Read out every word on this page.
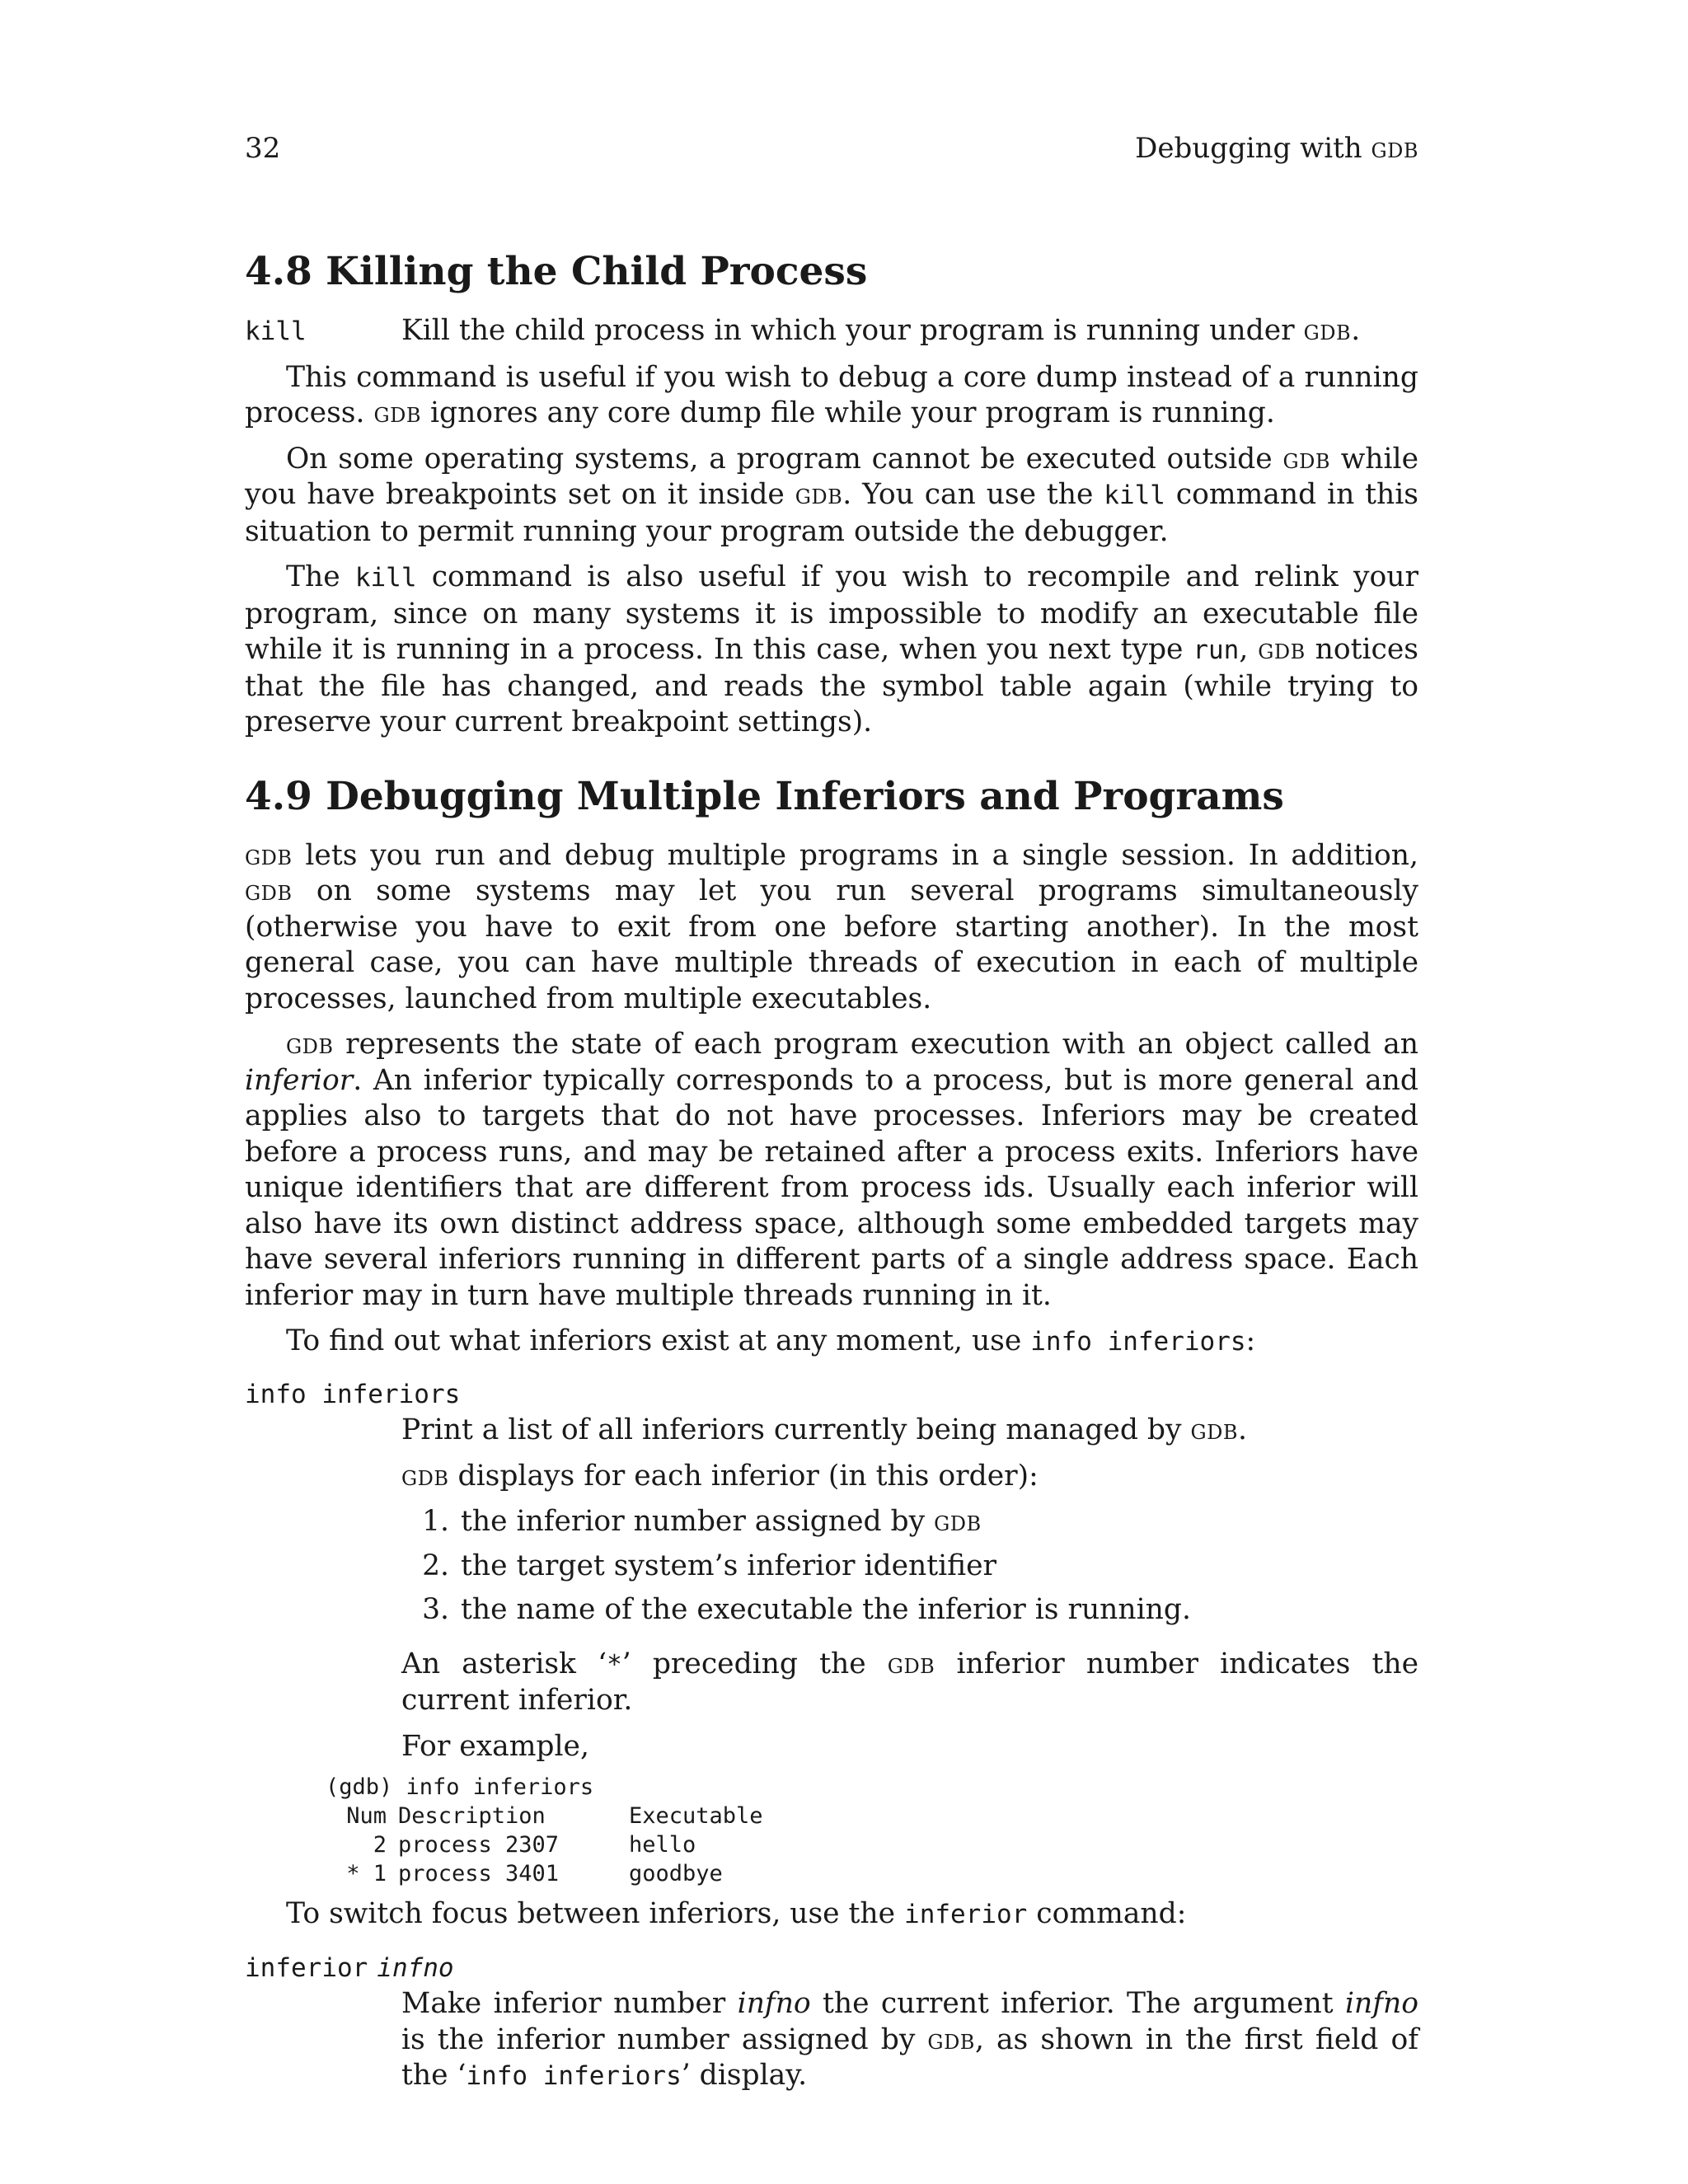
32	Debugging with gdb
4.8 Killing the Child Process
kill	Kill the child process in which your program is running under gdb.

This command is useful if you wish to debug a core dump instead of a running process. gdb ignores any core dump file while your program is running.

On some operating systems, a program cannot be executed outside gdb while you have breakpoints set on it inside gdb. You can use the kill command in this situation to permit running your program outside the debugger.

The kill command is also useful if you wish to recompile and relink your program, since on many systems it is impossible to modify an executable file while it is running in a process. In this case, when you next type run, gdb notices that the file has changed, and reads the symbol table again (while trying to preserve your current breakpoint settings).

4.9 Debugging Multiple Inferiors and Programs

gdb lets you run and debug multiple programs in a single session. In addition, gdb on some systems may let you run several programs simultaneously (otherwise you have to exit from one before starting another). In the most general case, you can have multiple threads of execution in each of multiple processes, launched from multiple executables.

gdb represents the state of each program execution with an object called an inferior. An inferior typically corresponds to a process, but is more general and applies also to targets that do not have processes. Inferiors may be created before a process runs, and may be retained after a process exits. Inferiors have unique identifiers that are different from process ids. Usually each inferior will also have its own distinct address space, although some embedded targets may have several inferiors running in different parts of a single address space. Each inferior may in turn have multiple threads running in it.

To find out what inferiors exist at any moment, use info inferiors:

info inferiors

Print a list of all inferiors currently being managed by gdb.

gdb displays for each inferior (in this order):

1. the inferior number assigned by gdb
2. the target system’s inferior identifier
3. the name of the executable the inferior is running.

An asterisk ‘*’ preceding the gdb inferior number indicates the current inferior.

For example,

(gdb) info inferiors
Num Description	Executable
2 process 2307	hello
* 1 process 3401	goodbye

To switch focus between inferiors, use the inferior command:

inferior infno

Make inferior number infno the current inferior. The argument infno is the inferior number assigned by gdb, as shown in the first field of the ‘info inferiors’ display.
